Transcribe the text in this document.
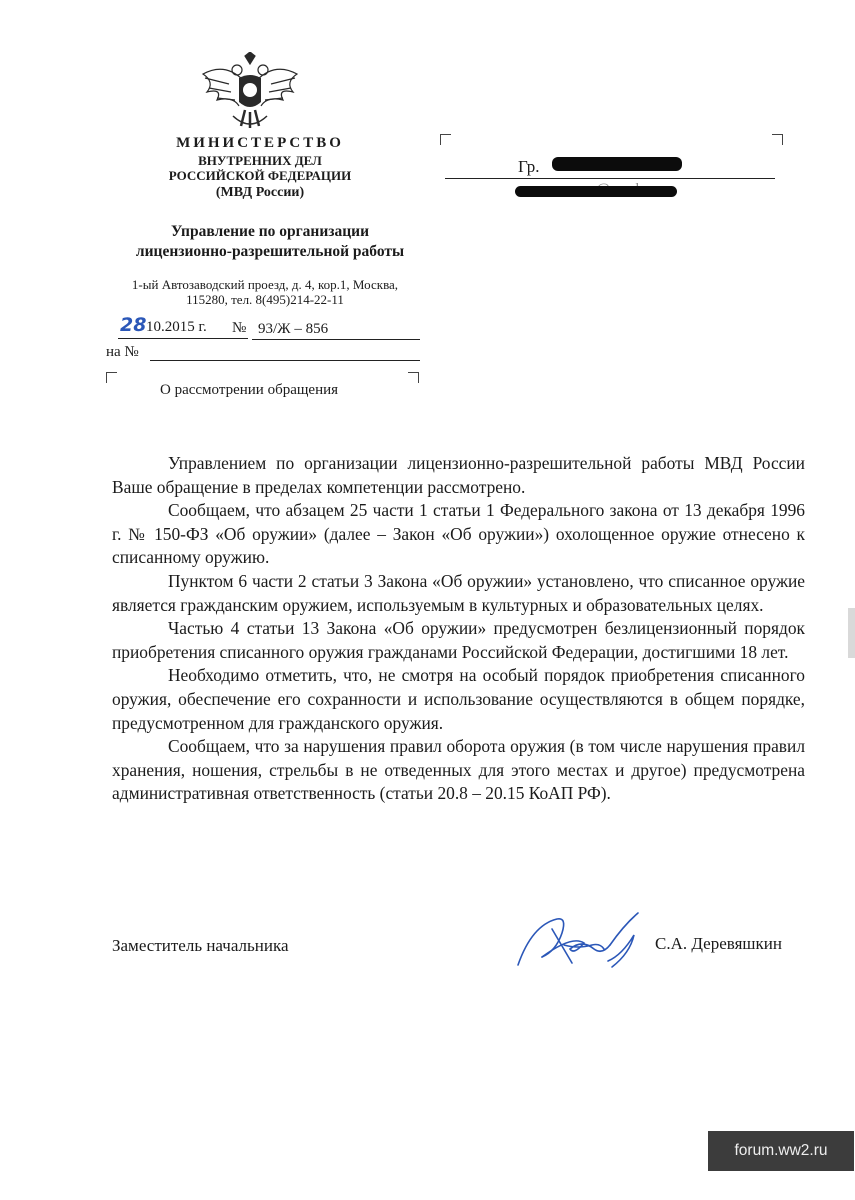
МИНИСТЕРСТВО
ВНУТРЕННИХ ДЕЛ
РОССИЙСКОЙ ФЕДЕРАЦИИ
(МВД России)
Управление по организации
лицензионно-разрешительной работы
1-ый Автозаводский проезд, д. 4, кор.1, Москва,
115280, тел. 8(495)214-22-11
28 10.2015 г. № 93/Ж – 856
на №
О рассмотрении обращения
Гр.

Управлением по организации лицензионно-разрешительной работы МВД России Ваше обращение в пределах компетенции рассмотрено.

Сообщаем, что абзацем 25 части 1 статьи 1 Федерального закона от 13 декабря 1996 г. № 150-ФЗ «Об оружии» (далее – Закон «Об оружии») охолощенное оружие отнесено к списанному оружию.

Пунктом 6 части 2 статьи 3 Закона «Об оружии» установлено, что списанное оружие является гражданским оружием, используемым в культурных и образовательных целях.

Частью 4 статьи 13 Закона «Об оружии» предусмотрен безлицензионный порядок приобретения списанного оружия гражданами Российской Федерации, достигшими 18 лет.

Необходимо отметить, что, не смотря на особый порядок приобретения списанного оружия, обеспечение его сохранности и использование осуществляются в общем порядке, предусмотренном для гражданского оружия.

Сообщаем, что за нарушения правил оборота оружия (в том числе нарушения правил хранения, ношения, стрельбы в не отведенных для этого местах и другое) предусмотрена административная ответственность (статьи 20.8 – 20.15 КоАП РФ).

Заместитель начальника	С.А. Деревяшкин
forum.ww2.ru
